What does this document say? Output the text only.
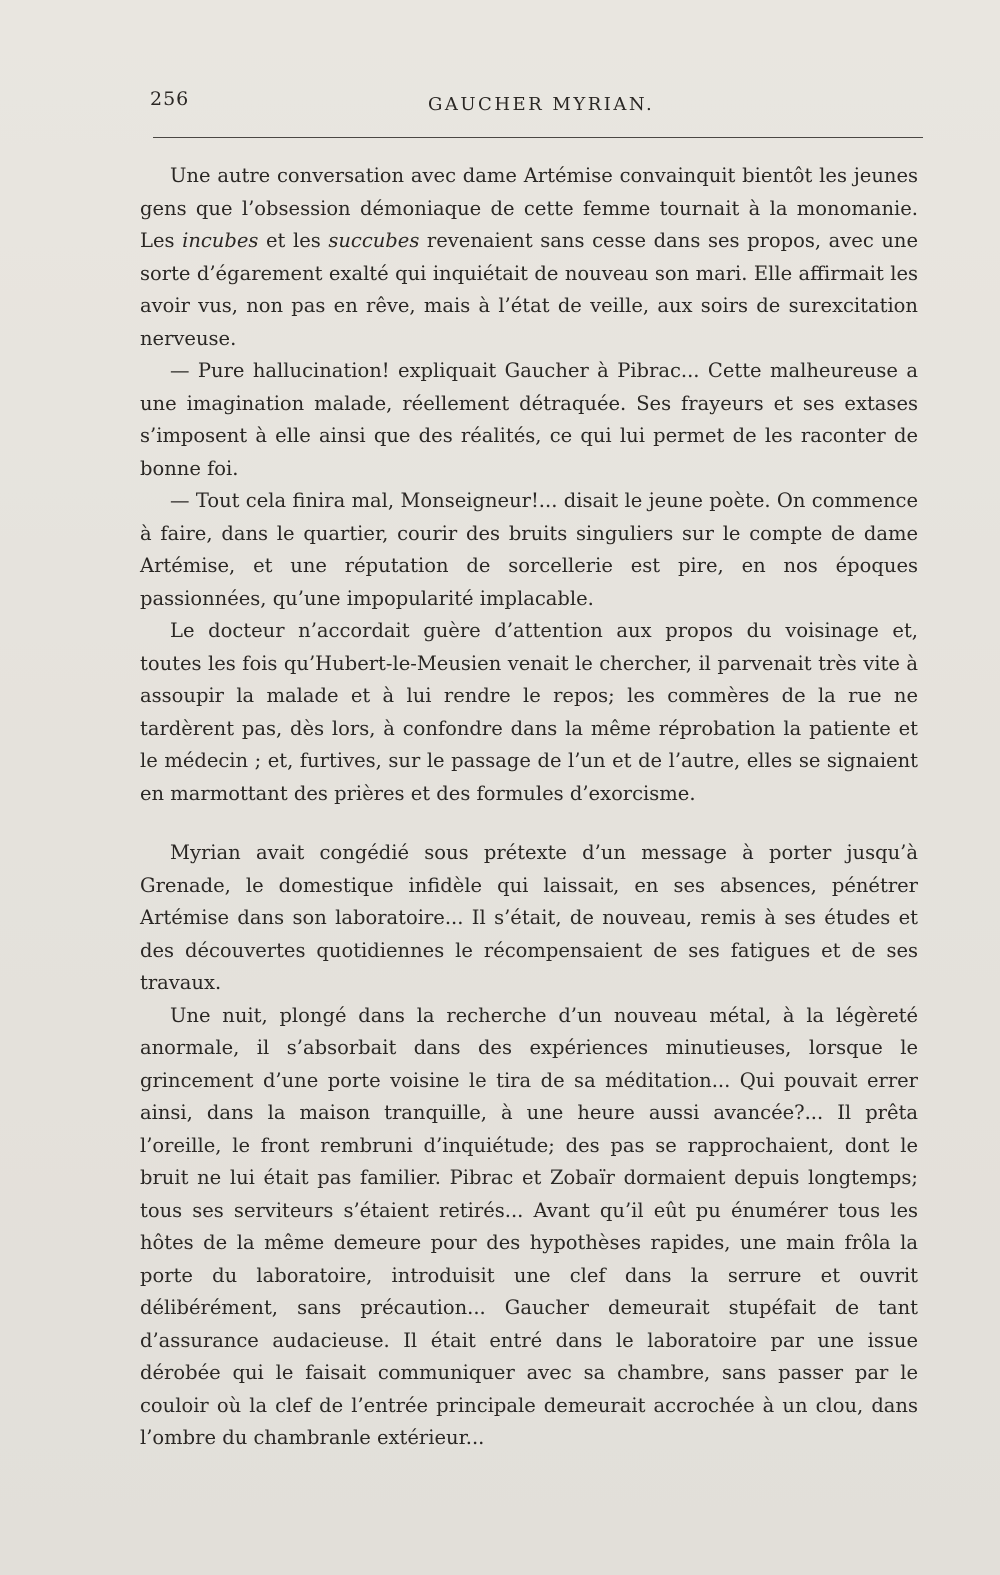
256	GAUCHER MYRIAN.

Une autre conversation avec dame Artémise convainquit bientôt les jeunes gens que l’obsession démoniaque de cette femme tournait à la monomanie. Les incubes et les succubes revenaient sans cesse dans ses propos, avec une sorte d’égarement exalté qui inquiétait de nouveau son mari. Elle affirmait les avoir vus, non pas en rêve, mais à l’état de veille, aux soirs de surexcitation nerveuse.

— Pure hallucination! expliquait Gaucher à Pibrac... Cette malheureuse a une imagination malade, réellement détraquée. Ses frayeurs et ses extases s’imposent à elle ainsi que des réalités, ce qui lui permet de les raconter de bonne foi.

— Tout cela finira mal, Monseigneur!... disait le jeune poète. On commence à faire, dans le quartier, courir des bruits singuliers sur le compte de dame Artémise, et une réputation de sorcellerie est pire, en nos époques passionnées, qu’une impopularité implacable.

Le docteur n’accordait guère d’attention aux propos du voisinage et, toutes les fois qu’Hubert-le-Meusien venait le chercher, il parvenait très vite à assoupir la malade et à lui rendre le repos; les commères de la rue ne tardèrent pas, dès lors, à confondre dans la même réprobation la patiente et le médecin ; et, furtives, sur le passage de l’un et de l’autre, elles se signaient en marmottant des prières et des formules d’exorcisme.

Myrian avait congédié sous prétexte d’un message à porter jusqu’à Grenade, le domestique infidèle qui laissait, en ses absences, pénétrer Artémise dans son laboratoire... Il s’était, de nouveau, remis à ses études et des découvertes quotidiennes le récompensaient de ses fatigues et de ses travaux.

Une nuit, plongé dans la recherche d’un nouveau métal, à la légèreté anormale, il s’absorbait dans des expériences minutieuses, lorsque le grincement d’une porte voisine le tira de sa méditation... Qui pouvait errer ainsi, dans la maison tranquille, à une heure aussi avancée?... Il prêta l’oreille, le front rembruni d’inquiétude; des pas se rapprochaient, dont le bruit ne lui était pas familier. Pibrac et Zobaïr dormaient depuis longtemps; tous ses serviteurs s’étaient retirés... Avant qu’il eût pu énumérer tous les hôtes de la même demeure pour des hypothèses rapides, une main frôla la porte du laboratoire, introduisit une clef dans la serrure et ouvrit délibérément, sans précaution... Gaucher demeurait stupéfait de tant d’assurance audacieuse. Il était entré dans le laboratoire par une issue dérobée qui le faisait communiquer avec sa chambre, sans passer par le couloir où la clef de l’entrée principale demeurait accrochée à un clou, dans l’ombre du chambranle extérieur...
